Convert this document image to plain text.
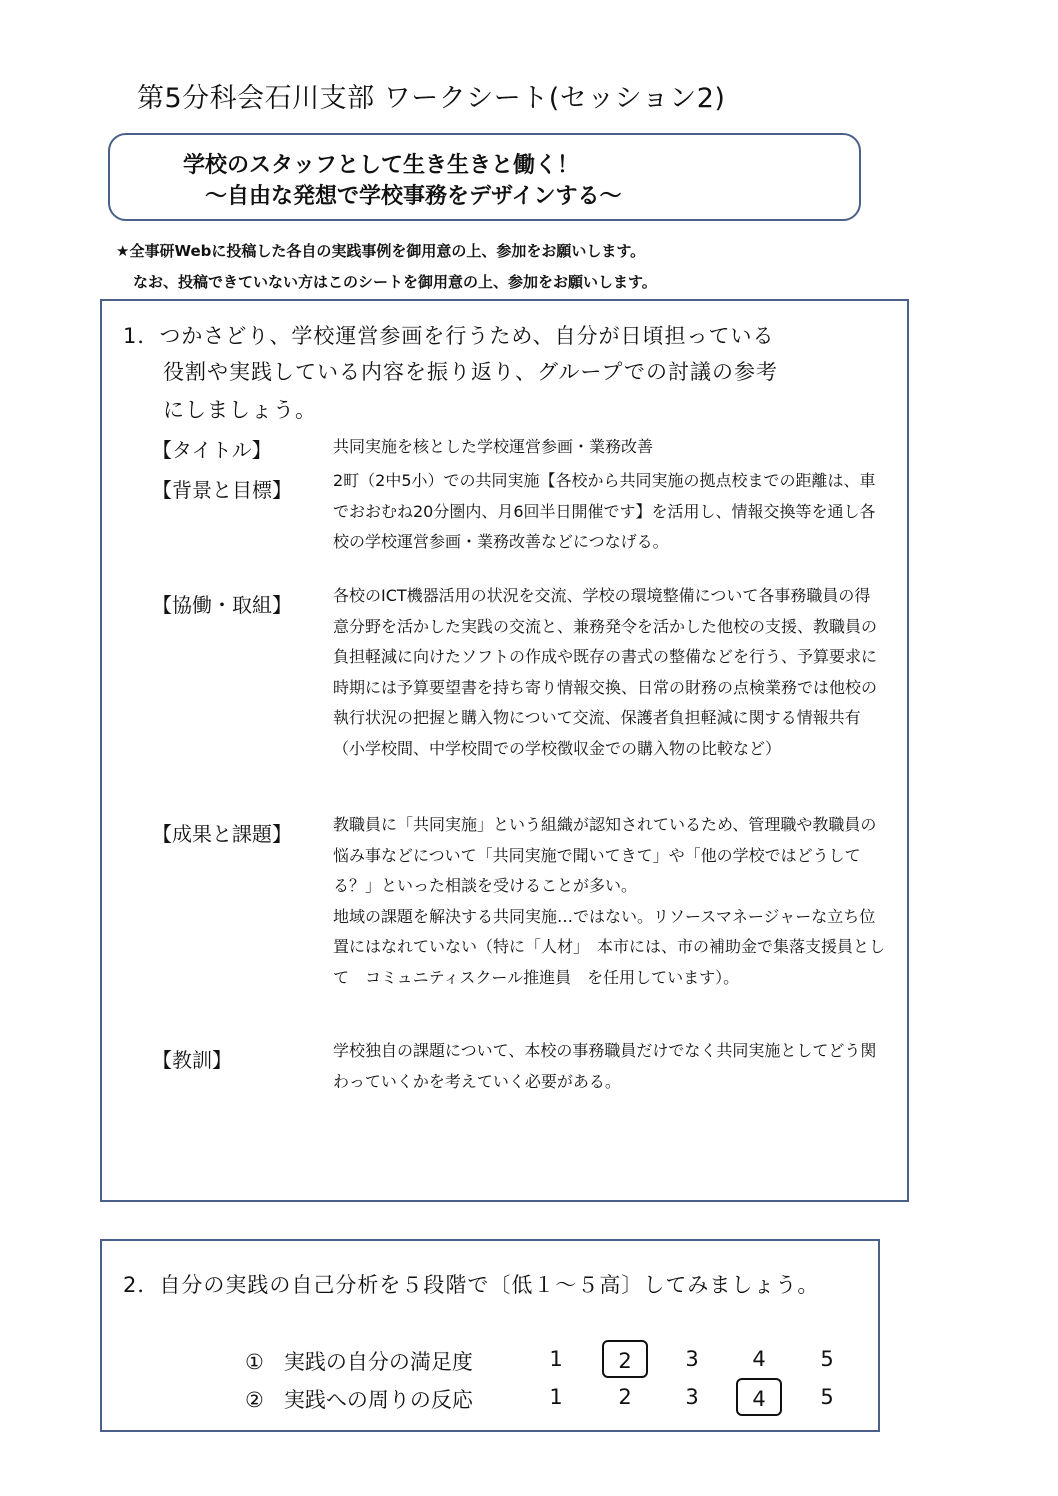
第5分科会石川支部 ワークシート(セッション2)
学校のスタッフとして生き生きと働く！
～自由な発想で学校事務をデザインする～
★全事研Webに投稿した各自の実践事例を御用意の上、参加をお願いします。
なお、投稿できていない方はこのシートを御用意の上、参加をお願いします。
1．つかさどり、学校運営参画を行うため、自分が日頃担っている
役割や実践している内容を振り返り、グループでの討議の参考
にしましょう。
【タイトル】	共同実施を核とした学校運営参画・業務改善

【背景と目標】	2町（2中5小）での共同実施【各校から共同実施の拠点校までの距離は、車でおおむね20分圏内、月6回半日開催です】を活用し、情報交換等を通し各校の学校運営参画・業務改善などにつなげる。

【協働・取組】	各校のICT機器活用の状況を交流、学校の環境整備について各事務職員の得意分野を活かした実践の交流と、兼務発令を活かした他校の支援、教職員の負担軽減に向けたソフトの作成や既存の書式の整備などを行う、予算要求に時期には予算要望書を持ち寄り情報交換、日常の財務の点検業務では他校の執行状況の把握と購入物について交流、保護者負担軽減に関する情報共有（小学校間、中学校間での学校徴収金での購入物の比較など）

【成果と課題】	教職員に「共同実施」という組織が認知されているため、管理職や教職員の悩み事などについて「共同実施で聞いてきて」や「他の学校ではどうしてる？」といった相談を受けることが多い。

地域の課題を解決する共同実施…ではない。リソースマネージャーな立ち位置にはなれていない（特に「人材」　本市には、市の補助金で集落支援員として　コミュニティスクール推進員　を任用しています）。

【教訓】	学校独自の課題について、本校の事務職員だけでなく共同実施としてどう関わっていくかを考えていく必要がある。

2．自分の実践の自己分析を５段階で〔低１～５高〕してみましょう。
① 実践の自分の満足度	1	2	3	4	5
② 実践への周りの反応	1	2	3	4	5
